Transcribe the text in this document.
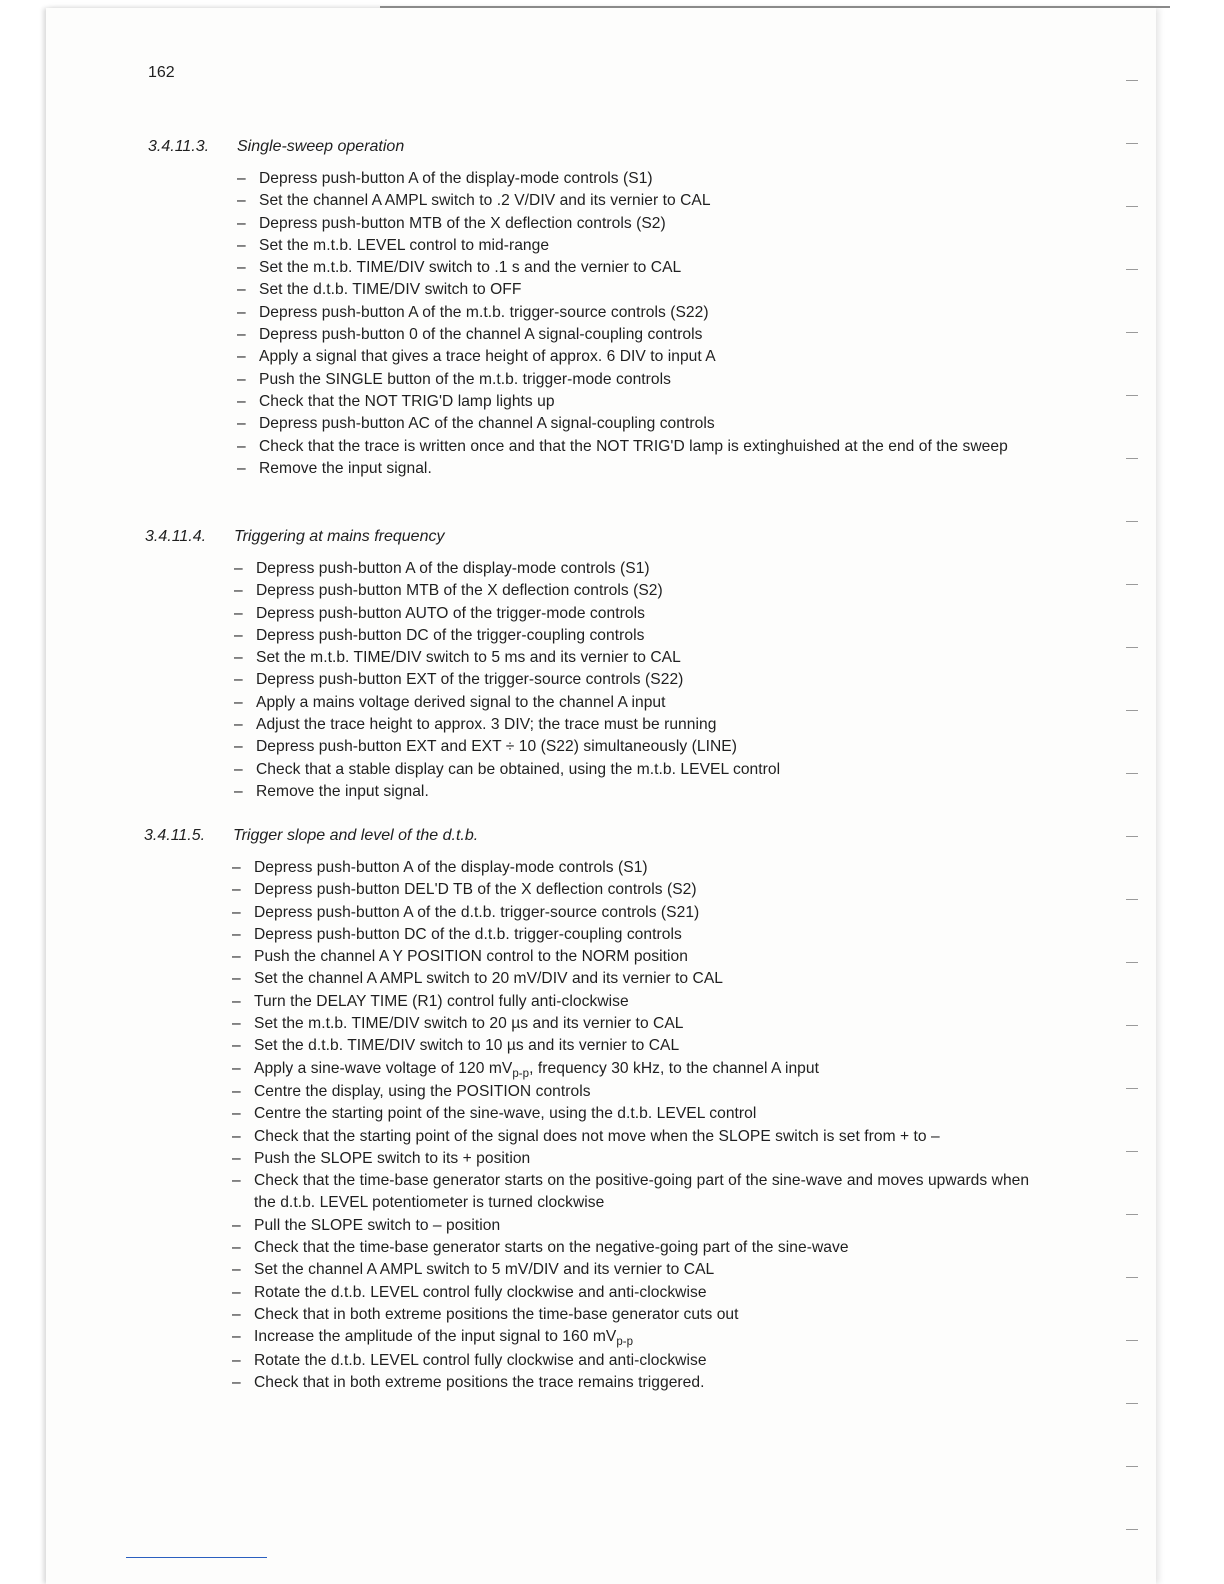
162
3.4.11.3. Single-sweep operation
– Depress push-button A of the display-mode controls (S1)
– Set the channel A AMPL switch to .2 V/DIV and its vernier to CAL
– Depress push-button MTB of the X deflection controls (S2)
– Set the m.t.b. LEVEL control to mid-range
– Set the m.t.b. TIME/DIV switch to .1 s and the vernier to CAL
– Set the d.t.b. TIME/DIV switch to OFF
– Depress push-button A of the m.t.b. trigger-source controls (S22)
– Depress push-button 0 of the channel A signal-coupling controls
– Apply a signal that gives a trace height of approx. 6 DIV to input A
– Push the SINGLE button of the m.t.b. trigger-mode controls
– Check that the NOT TRIG'D lamp lights up
– Depress push-button AC of the channel A signal-coupling controls
– Check that the trace is written once and that the NOT TRIG'D lamp is extinghuished at the end of the sweep
– Remove the input signal.
3.4.11.4. Triggering at mains frequency
– Depress push-button A of the display-mode controls (S1)
– Depress push-button MTB of the X deflection controls (S2)
– Depress push-button AUTO of the trigger-mode controls
– Depress push-button DC of the trigger-coupling controls
– Set the m.t.b. TIME/DIV switch to 5 ms and its vernier to CAL
– Depress push-button EXT of the trigger-source controls (S22)
– Apply a mains voltage derived signal to the channel A input
– Adjust the trace height to approx. 3 DIV; the trace must be running
– Depress push-button EXT and EXT ÷ 10 (S22) simultaneously (LINE)
– Check that a stable display can be obtained, using the m.t.b. LEVEL control
– Remove the input signal.
3.4.11.5. Trigger slope and level of the d.t.b.
– Depress push-button A of the display-mode controls (S1)
– Depress push-button DEL'D TB of the X deflection controls (S2)
– Depress push-button A of the d.t.b. trigger-source controls (S21)
– Depress push-button DC of the d.t.b. trigger-coupling controls
– Push the channel A Y POSITION control to the NORM position
– Set the channel A AMPL switch to 20 mV/DIV and its vernier to CAL
– Turn the DELAY TIME (R1) control fully anti-clockwise
– Set the m.t.b. TIME/DIV switch to 20 µs and its vernier to CAL
– Set the d.t.b. TIME/DIV switch to 10 µs and its vernier to CAL
– Apply a sine-wave voltage of 120 $mV_{p-p}$, frequency 30 kHz, to the channel A input
– Centre the display, using the POSITION controls
– Centre the starting point of the sine-wave, using the d.t.b. LEVEL control
– Check that the starting point of the signal does not move when the SLOPE switch is set from + to –
– Push the SLOPE switch to its + position
– Check that the time-base generator starts on the positive-going part of the sine-wave and moves upwards when the d.t.b. LEVEL potentiometer is turned clockwise
– Pull the SLOPE switch to – position
– Check that the time-base generator starts on the negative-going part of the sine-wave
– Set the channel A AMPL switch to 5 mV/DIV and its vernier to CAL
– Rotate the d.t.b. LEVEL control fully clockwise and anti-clockwise
– Check that in both extreme positions the time-base generator cuts out
– Increase the amplitude of the input signal to 160 $mV_{p-p}$
– Rotate the d.t.b. LEVEL control fully clockwise and anti-clockwise
– Check that in both extreme positions the trace remains triggered.
